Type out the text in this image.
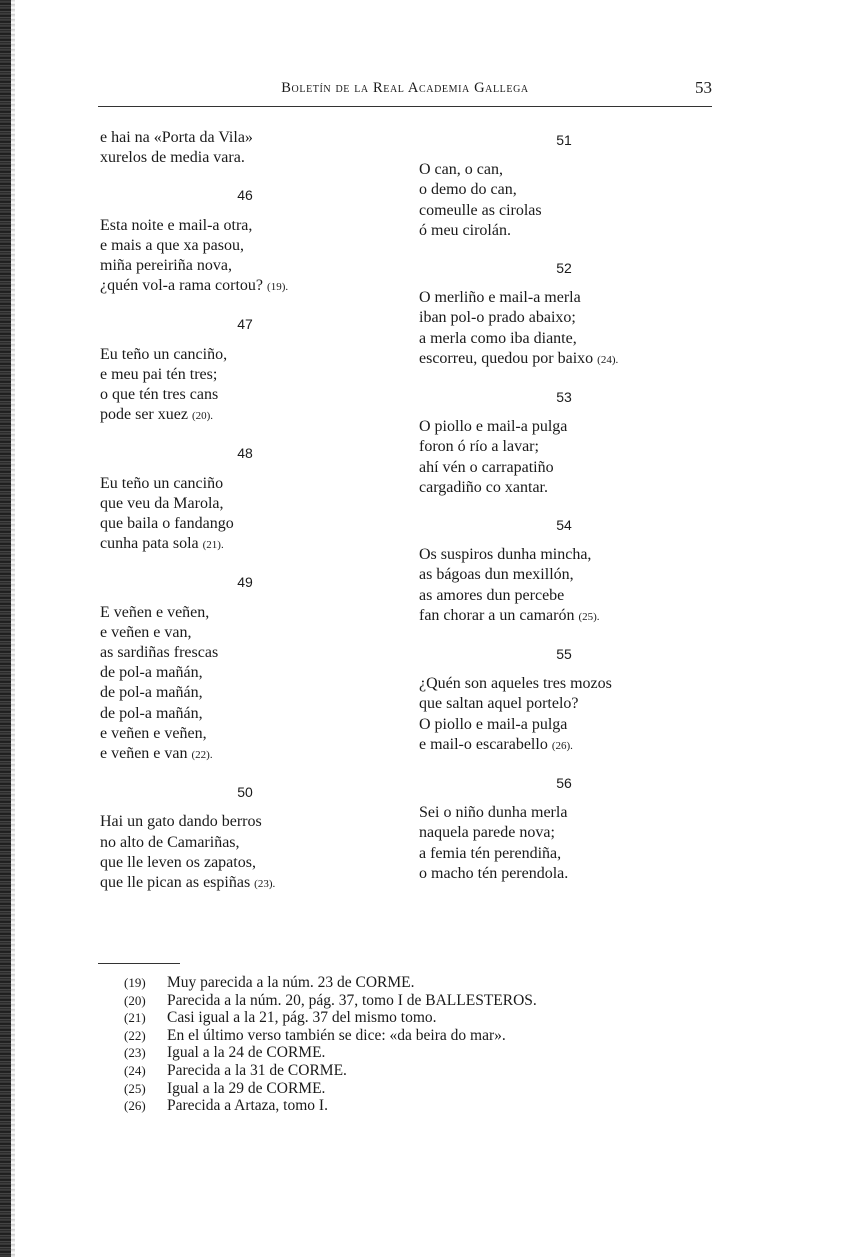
Boletín de la Real Academia Gallega	53
e hai na «Porta da Vila»
xurelos de media vara.
46
Esta noite e mail-a otra,
e mais a que xa pasou,
miña pereiriña nova,
¿quén vol-a rama cortou? (19).
47
Eu teño un canciño,
e meu pai tén tres;
o que tén tres cans
pode ser xuez (20).
48
Eu teño un canciño
que veu da Marola,
que baila o fandango
cunha pata sola (21).
49
E veñen e veñen,
e veñen e van,
as sardiñas frescas
de pol-a mañán,
de pol-a mañán,
de pol-a mañán,
e veñen e veñen,
e veñen e van (22).
50
Hai un gato dando berros
no alto de Camariñas,
que lle leven os zapatos,
que lle pican as espiñas (23).
51
O can, o can,
o demo do can,
comeulle as cirolas
ó meu cirolán.
52
O merliño e mail-a merla
iban pol-o prado abaixo;
a merla como iba diante,
escorreu, quedou por baixo (24).
53
O piollo e mail-a pulga
foron ó río a lavar;
ahí vén o carrapatiño
cargadiño co xantar.
54
Os suspiros dunha mincha,
as bágoas dun mexillón,
as amores dun percebe
fan chorar a un camarón (25).
55
¿Quén son aqueles tres mozos
que saltan aquel portelo?
O piollo e mail-a pulga
e mail-o escarabello (26).
56
Sei o niño dunha merla
naquela parede nova;
a femia tén perendiña,
o macho tén perendola.
(19) Muy parecida a la núm. 23 de CORME.
(20) Parecida a la núm. 20, pág. 37, tomo I de BALLESTEROS.
(21) Casi igual a la 21, pág. 37 del mismo tomo.
(22) En el último verso también se dice: «da beira do mar».
(23) Igual a la 24 de CORME.
(24) Parecida a la 31 de CORME.
(25) Igual a la 29 de CORME.
(26) Parecida a Artaza, tomo I.
